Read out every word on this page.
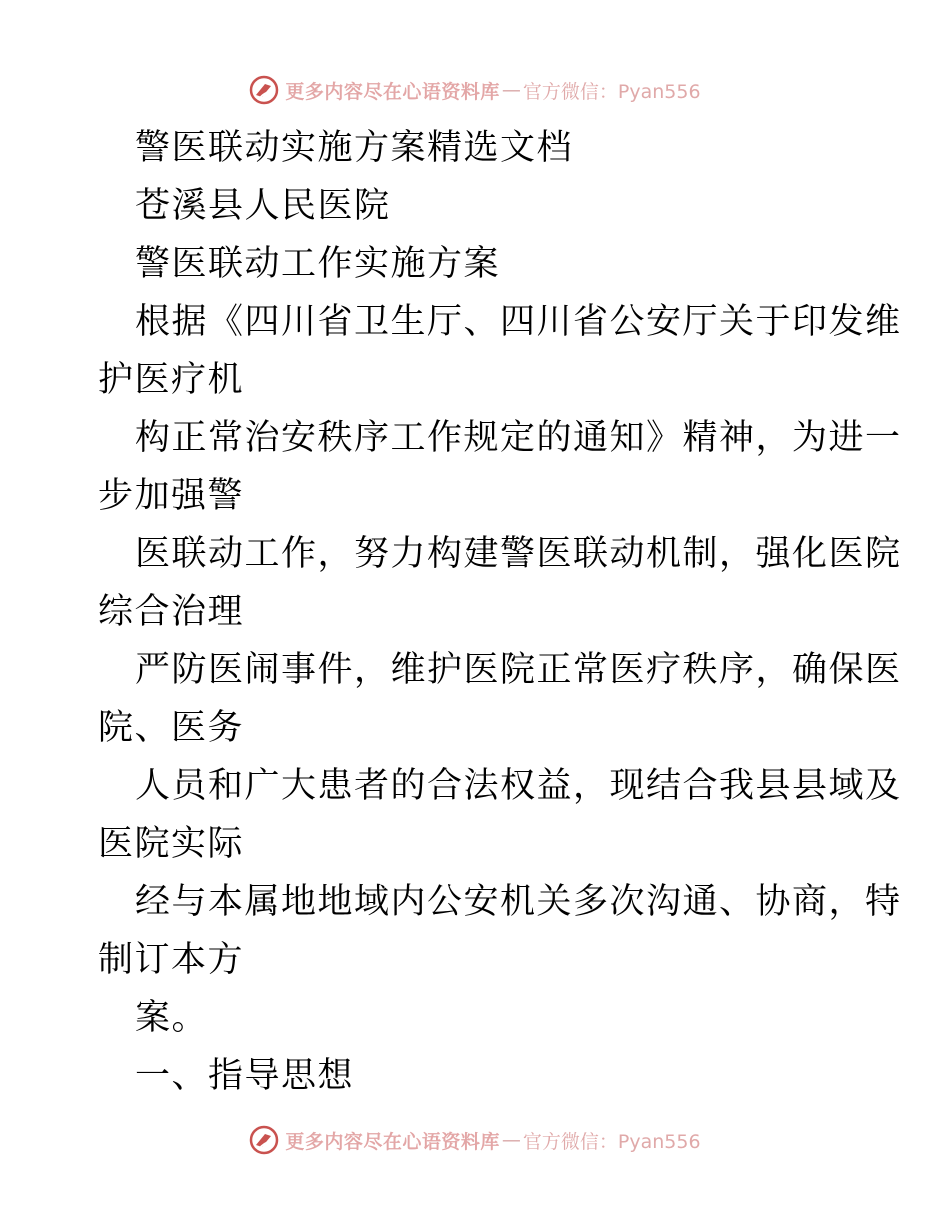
更多内容尽在心语资料库 — 官方微信：Pyan556
警医联动实施方案精选文档
苍溪县人民医院
警医联动工作实施方案
根据《四川省卫生厅、四川省公安厅关于印发维
护医疗机
构正常治安秩序工作规定的通知》精神，为进一
步加强警
医联动工作，努力构建警医联动机制，强化医院
综合治理
严防医闹事件，维护医院正常医疗秩序，确保医
院、医务
人员和广大患者的合法权益，现结合我县县域及
医院实际
经与本属地地域内公安机关多次沟通、协商，特
制订本方
案。
一、指导思想
更多内容尽在心语资料库 — 官方微信：Pyan556
